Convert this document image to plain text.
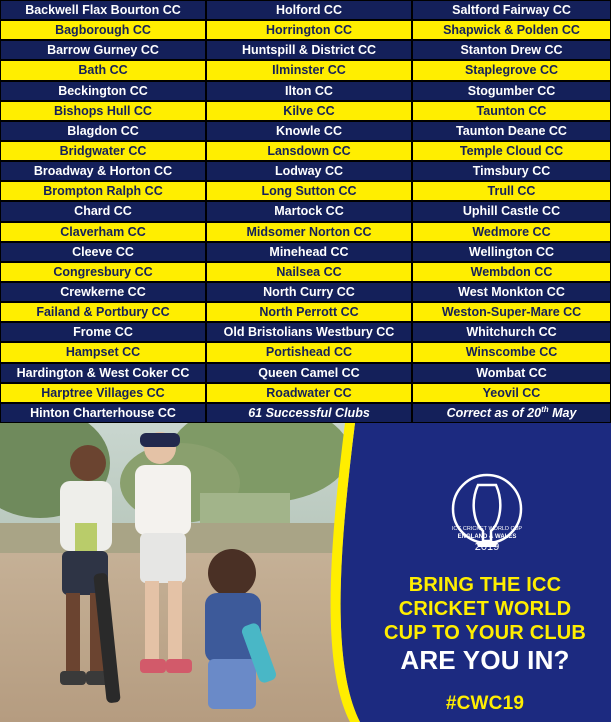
Backwell Flax Bourton CC	Holford CC	Saltford Fairway CC
Bagborough CC	Horrington CC	Shapwick & Polden CC
Barrow Gurney CC	Huntspill & District CC	Stanton Drew CC
Bath CC	Ilminster CC	Staplegrove CC
Beckington CC	Ilton CC	Stogumber CC
Bishops Hull CC	Kilve CC	Taunton CC
Blagdon CC	Knowle CC	Taunton Deane CC
Bridgwater CC	Lansdown CC	Temple Cloud CC
Broadway & Horton CC	Lodway CC	Timsbury CC
Brompton Ralph CC	Long Sutton CC	Trull CC
Chard CC	Martock CC	Uphill Castle CC
Claverham CC	Midsomer Norton CC	Wedmore CC
Cleeve CC	Minehead CC	Wellington CC
Congresbury CC	Nailsea CC	Wembdon CC
Crewkerne CC	North Curry CC	West Monkton CC
Failand & Portbury CC	North Perrott CC	Weston-Super-Mare CC
Frome CC	Old Bristolians Westbury CC	Whitchurch CC
Hampset CC	Portishead CC	Winscombe CC
Hardington & West Coker CC	Queen Camel CC	Wombat CC
Harptree Villages CC	Roadwater CC	Yeovil CC
Hinton Charterhouse CC	61 Successful Clubs	Correct as of 20th May
ICC CRICKET WORLD CUP
ENGLAND & WALES
2019
BRING THE ICC
CRICKET WORLD
CUP TO YOUR CLUB
ARE YOU IN?
#CWC19
